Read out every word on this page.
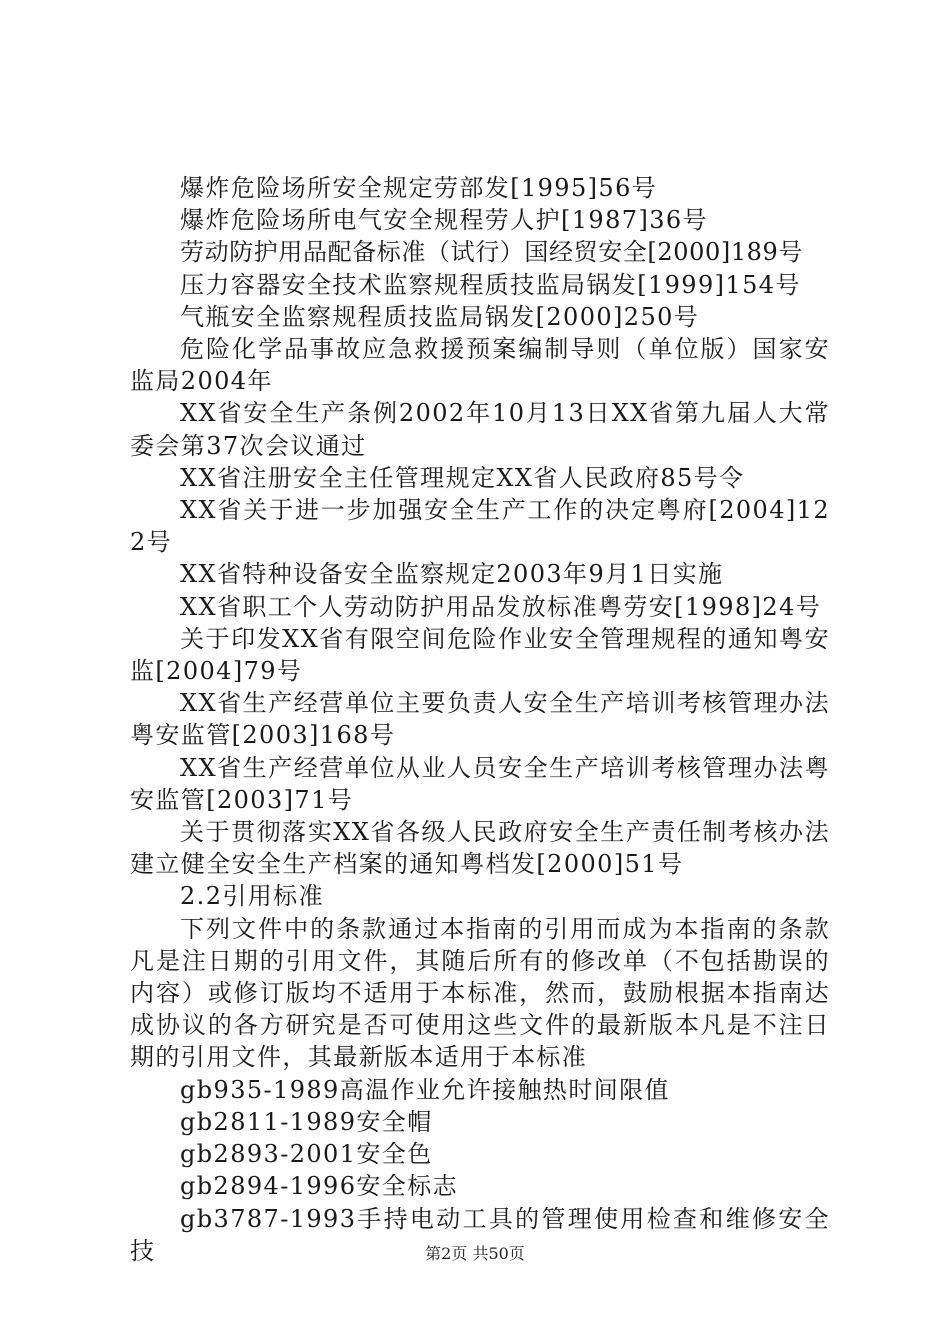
爆炸危险场所安全规定劳部发[1995]56号

爆炸危险场所电气安全规程劳人护[1987]36号

劳动防护用品配备标准（试行）国经贸安全[2000]189号

压力容器安全技术监察规程质技监局锅发[1999]154号

气瓶安全监察规程质技监局锅发[2000]250号

危险化学品事故应急救援预案编制导则（单位版）国家安监局2004年

XX省安全生产条例2002年10月13日XX省第九届人大常委会第37次会议通过

XX省注册安全主任管理规定XX省人民政府85号令

XX省关于进一步加强安全生产工作的决定粤府[2004]122号

XX省特种设备安全监察规定2003年9月1日实施

XX省职工个人劳动防护用品发放标准粤劳安[1998]24号

关于印发XX省有限空间危险作业安全管理规程的通知粤安监[2004]79号

XX省生产经营单位主要负责人安全生产培训考核管理办法粤安监管[2003]168号

XX省生产经营单位从业人员安全生产培训考核管理办法粤安监管[2003]71号

关于贯彻落实XX省各级人民政府安全生产责任制考核办法建立健全安全生产档案的通知粤档发[2000]51号

2.2引用标准

下列文件中的条款通过本指南的引用而成为本指南的条款凡是注日期的引用文件，其随后所有的修改单（不包括勘误的内容）或修订版均不适用于本标准，然而，鼓励根据本指南达成协议的各方研究是否可使用这些文件的最新版本凡是不注日期的引用文件，其最新版本适用于本标准

gb935-1989高温作业允许接触热时间限值

gb2811-1989安全帽

gb2893-2001安全色

gb2894-1996安全标志

gb3787-1993手持电动工具的管理使用检查和维修安全技	第2页 共50页
